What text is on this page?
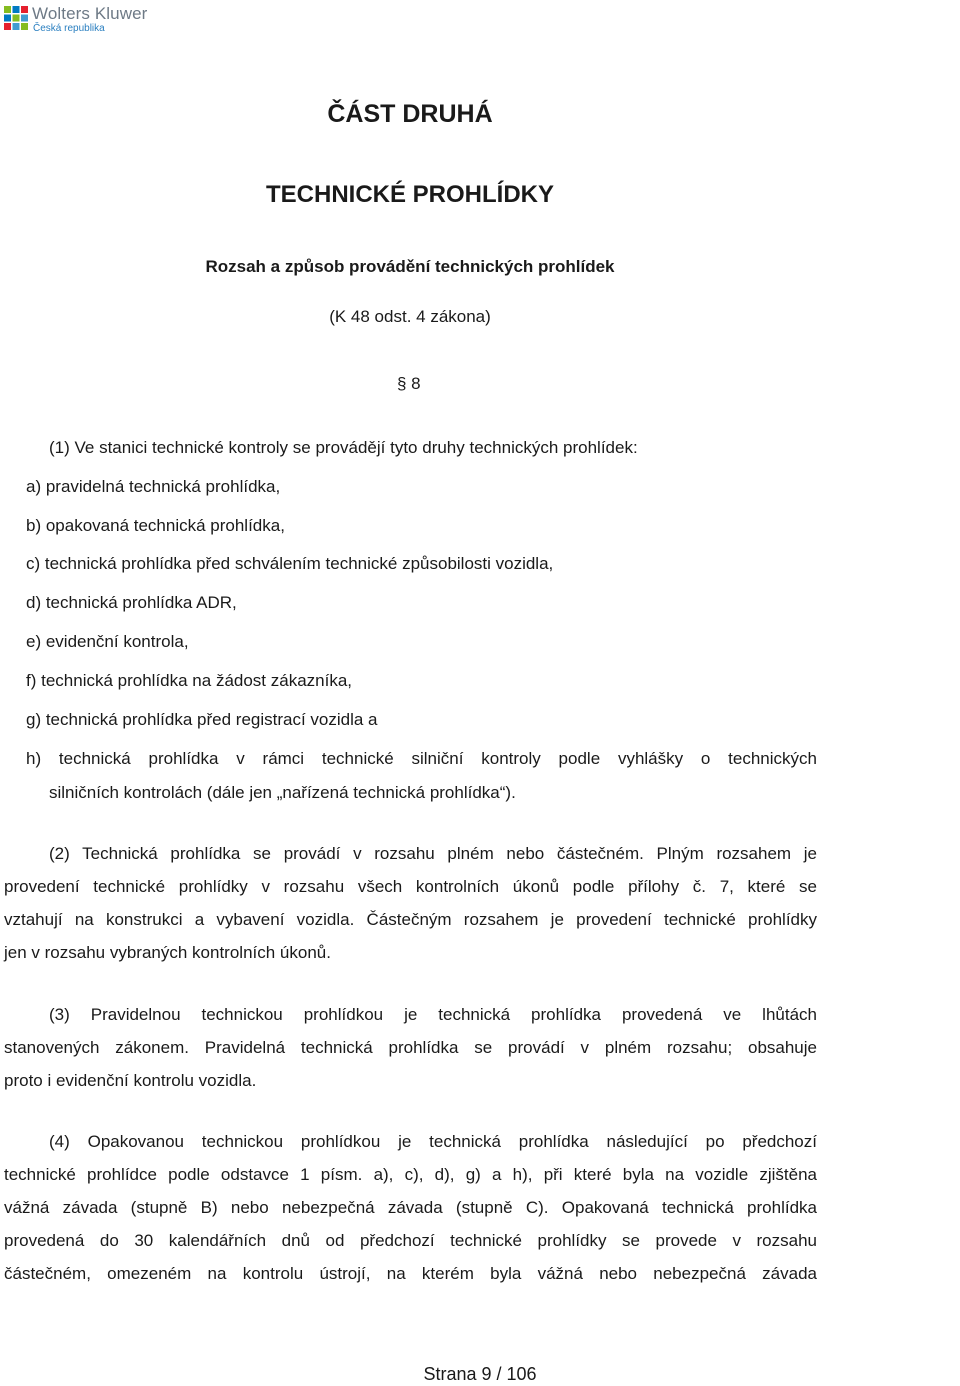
Wolters Kluwer
Česká republika
ČÁST DRUHÁ
TECHNICKÉ PROHLÍDKY
Rozsah a způsob provádění technických prohlídek
(K 48 odst. 4 zákona)
§ 8
(1) Ve stanici technické kontroly se provádějí tyto druhy technických prohlídek:
a) pravidelná technická prohlídka,
b) opakovaná technická prohlídka,
c) technická prohlídka před schválením technické způsobilosti vozidla,
d) technická prohlídka ADR,
e) evidenční kontrola,
f) technická prohlídka na žádost zákazníka,
g) technická prohlídka před registrací vozidla a
h) technická prohlídka v rámci technické silniční kontroly podle vyhlášky o technických
silničních kontrolách (dále jen „nařízená technická prohlídka“).
(2) Technická prohlídka se provádí v rozsahu plném nebo částečném. Plným rozsahem je
provedení technické prohlídky v rozsahu všech kontrolních úkonů podle přílohy č. 7, které se
vztahují na konstrukci a vybavení vozidla. Částečným rozsahem je provedení technické prohlídky
jen v rozsahu vybraných kontrolních úkonů.
(3) Pravidelnou technickou prohlídkou je technická prohlídka provedená ve lhůtách
stanovených zákonem. Pravidelná technická prohlídka se provádí v plném rozsahu; obsahuje
proto i evidenční kontrolu vozidla.
(4) Opakovanou technickou prohlídkou je technická prohlídka následující po předchozí
technické prohlídce podle odstavce 1 písm. a), c), d), g) a h), při které byla na vozidle zjištěna
vážná závada (stupně B) nebo nebezpečná závada (stupně C). Opakovaná technická prohlídka
provedená do 30 kalendářních dnů od předchozí technické prohlídky se provede v rozsahu
částečném, omezeném na kontrolu ústrojí, na kterém byla vážná nebo nebezpečná závada
Strana 9 / 106
